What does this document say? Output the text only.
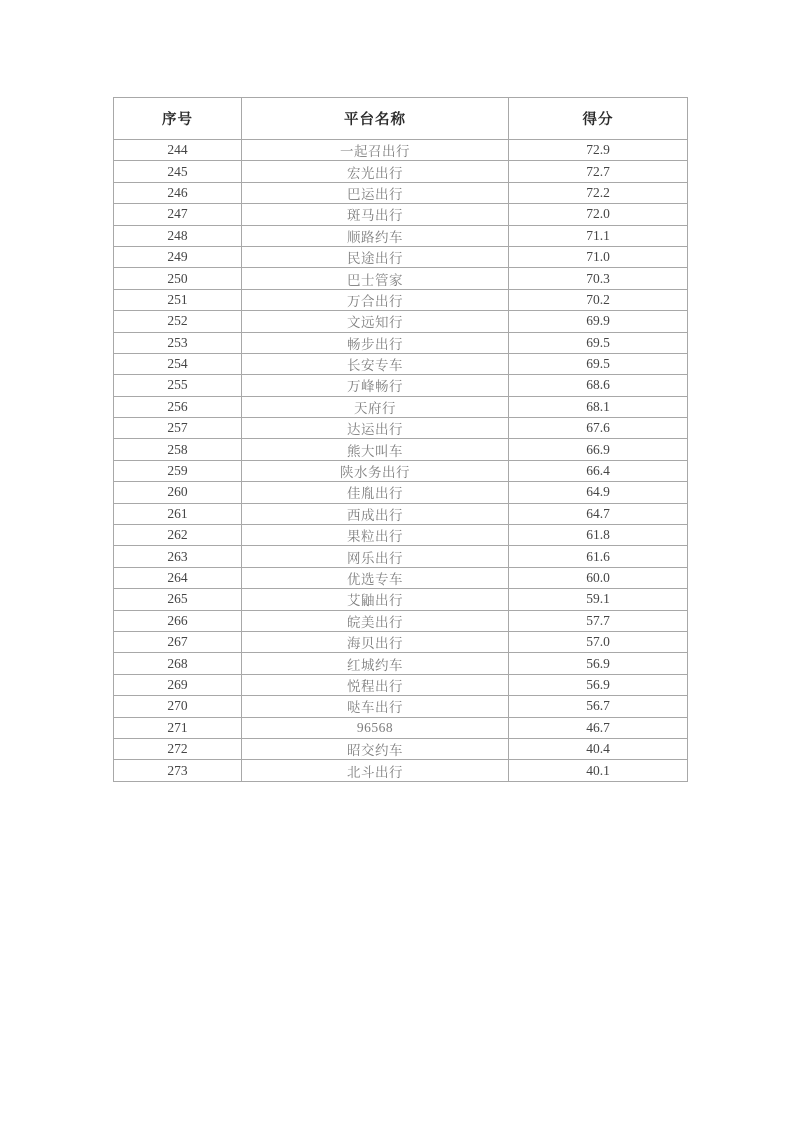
序号	平台名称	得分
244	一起召出行	72.9
245	宏光出行	72.7
246	巴运出行	72.2
247	斑马出行	72.0
248	顺路约车	71.1
249	民途出行	71.0
250	巴士管家	70.3
251	万合出行	70.2
252	文远知行	69.9
253	畅步出行	69.5
254	长安专车	69.5
255	万峰畅行	68.6
256	天府行	68.1
257	达运出行	67.6
258	熊大叫车	66.9
259	陕水务出行	66.4
260	佳胤出行	64.9
261	西成出行	64.7
262	果粒出行	61.8
263	网乐出行	61.6
264	优选专车	60.0
265	艾鼬出行	59.1
266	皖美出行	57.7
267	海贝出行	57.0
268	红城约车	56.9
269	悦程出行	56.9
270	哒车出行	56.7
271	96568	46.7
272	昭交约车	40.4
273	北斗出行	40.1
